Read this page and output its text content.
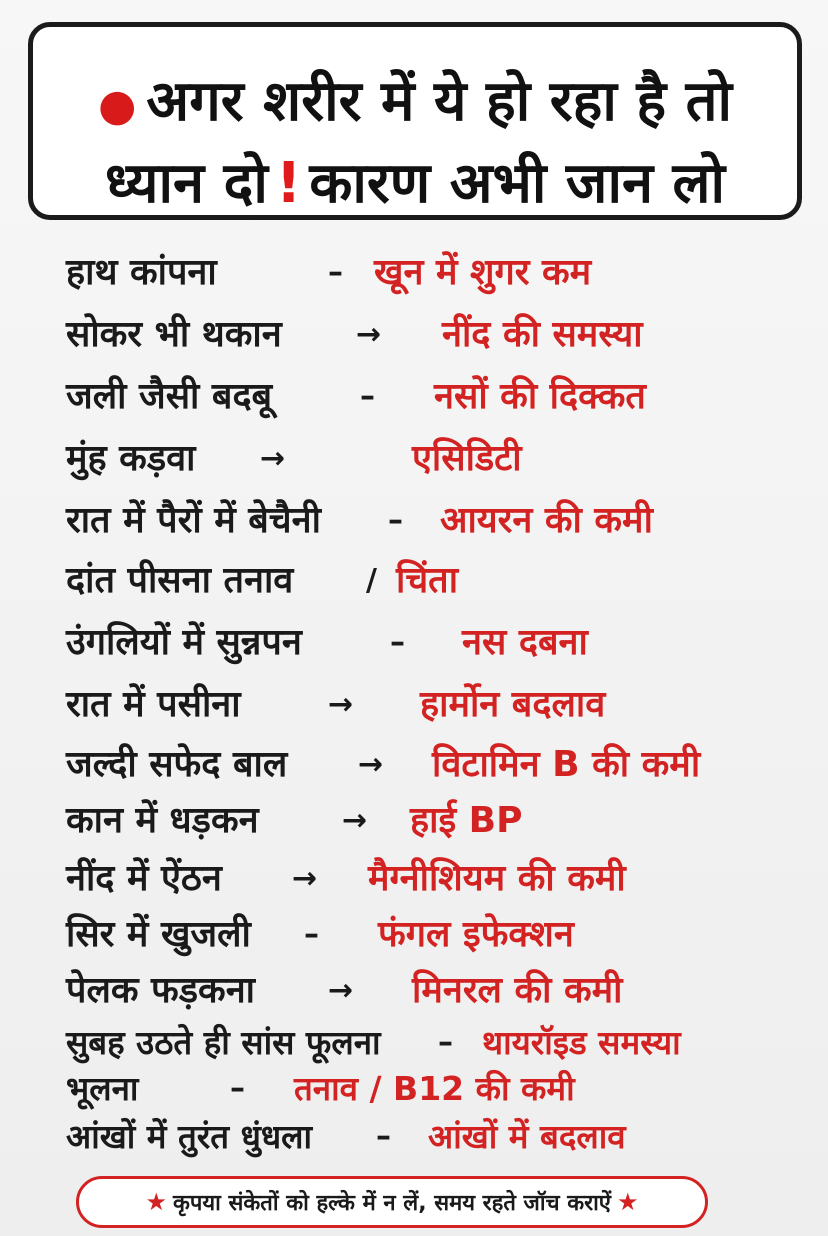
● अगर शरीर में ये हो रहा है तो
ध्यान दो ! कारण अभी जान लो
हाथ कांपना	– खून में शुगर कम
सोकर भी थकान → नींद की समस्या
जली जैसी बदबू	– नसों की दिक्कत
मुंह कड़वा →	एसिडिटी
रात में पैरों में बेचैनी – आयरन की कमी
दांत पीसना तनाव / चिंता
उंगलियों में सुन्नपन	– नस दबना
रात में पसीना	→ हार्मोन बदलाव
जल्दी सफेद बाल → विटामिन B की कमी
कान में धड़कन	→ हाई BP
नींद में ऐंठन → मैग्नीशियम की कमी
सिर में खुजली – फंगल इफेक्शन
पेलक फड़कना → मिनरल की कमी
सुबह उठते ही सांस फूलना – थायरॉइड समस्या
भूलना	– तनाव / B12 की कमी
आंखों में तुरंत धुंधला – आंखों में बदलाव
★ कृपया संकेतों को हल्के में न लें, समय रहते जॉच कराऐं ★
